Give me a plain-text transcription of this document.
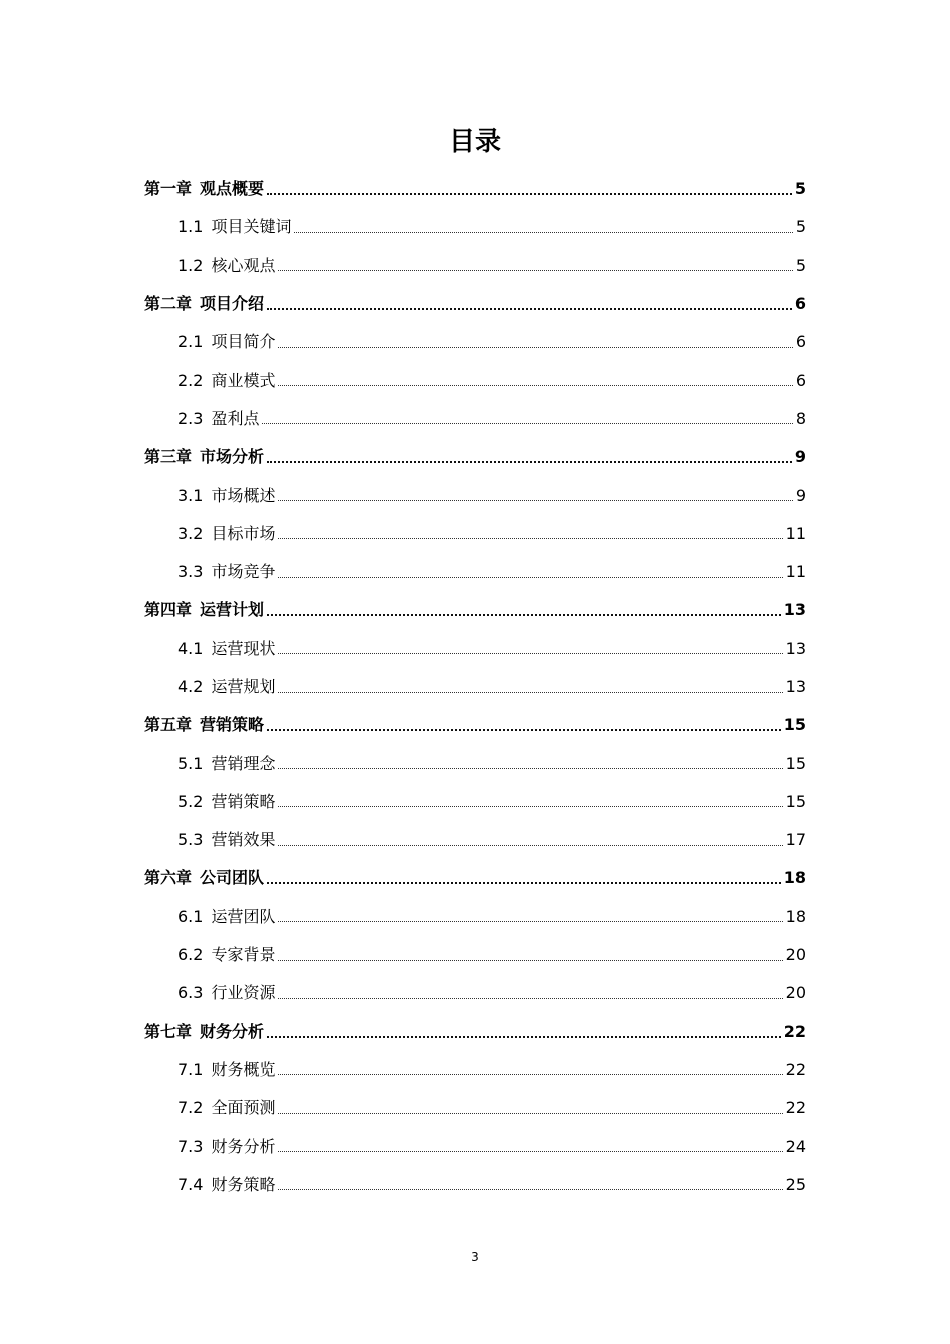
目录
第一章 观点概要	5
1.1 项目关键词	5
1.2 核心观点	5
第二章 项目介绍	6
2.1 项目简介	6
2.2 商业模式	6
2.3 盈利点	8
第三章 市场分析	9
3.1 市场概述	9
3.2 目标市场	11
3.3 市场竞争	11
第四章 运营计划	13
4.1 运营现状	13
4.2 运营规划	13
第五章 营销策略	15
5.1 营销理念	15
5.2 营销策略	15
5.3 营销效果	17
第六章 公司团队	18
6.1 运营团队	18
6.2 专家背景	20
6.3 行业资源	20
第七章 财务分析	22
7.1 财务概览	22
7.2 全面预测	22
7.3 财务分析	24
7.4 财务策略	25
3
